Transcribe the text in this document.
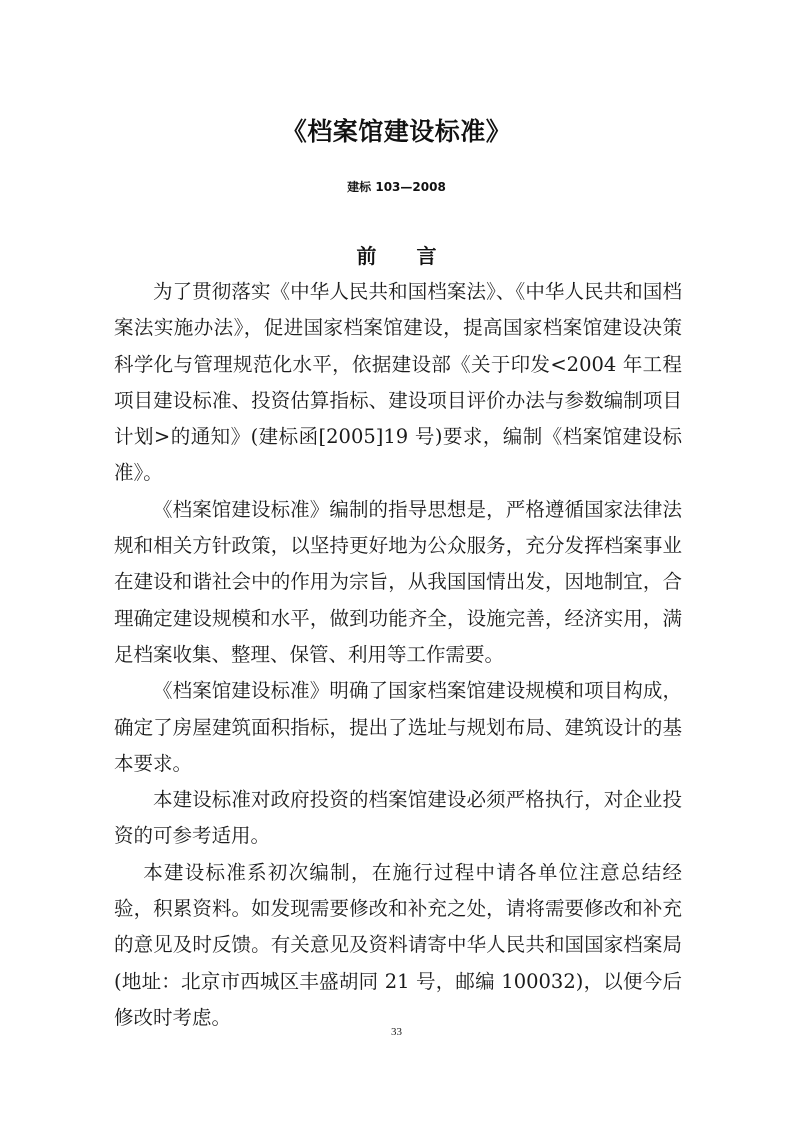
《档案馆建设标准》
建标 103—2008
前言

为了贯彻落实《中华人民共和国档案法》、《中华人民共和国档案法实施办法》，促进国家档案馆建设，提高国家档案馆建设决策科学化与管理规范化水平，依据建设部《关于印发<2004 年工程项目建设标准、投资估算指标、建设项目评价办法与参数编制项目计划>的通知》(建标函[2005]19 号)要求，编制《档案馆建设标准》。

《档案馆建设标准》编制的指导思想是，严格遵循国家法律法规和相关方针政策，以坚持更好地为公众服务，充分发挥档案事业在建设和谐社会中的作用为宗旨，从我国国情出发，因地制宜，合理确定建设规模和水平，做到功能齐全，设施完善，经济实用，满足档案收集、整理、保管、利用等工作需要。

《档案馆建设标准》明确了国家档案馆建设规模和项目构成，确定了房屋建筑面积指标，提出了选址与规划布局、建筑设计的基本要求。

本建设标准对政府投资的档案馆建设必须严格执行，对企业投资的可参考适用。

本建设标准系初次编制，在施行过程中请各单位注意总结经验，积累资料。如发现需要修改和补充之处，请将需要修改和补充的意见及时反馈。有关意见及资料请寄中华人民共和国国家档案局(地址：北京市西城区丰盛胡同 21 号，邮编 100032)，以便今后修改时考虑。

33
